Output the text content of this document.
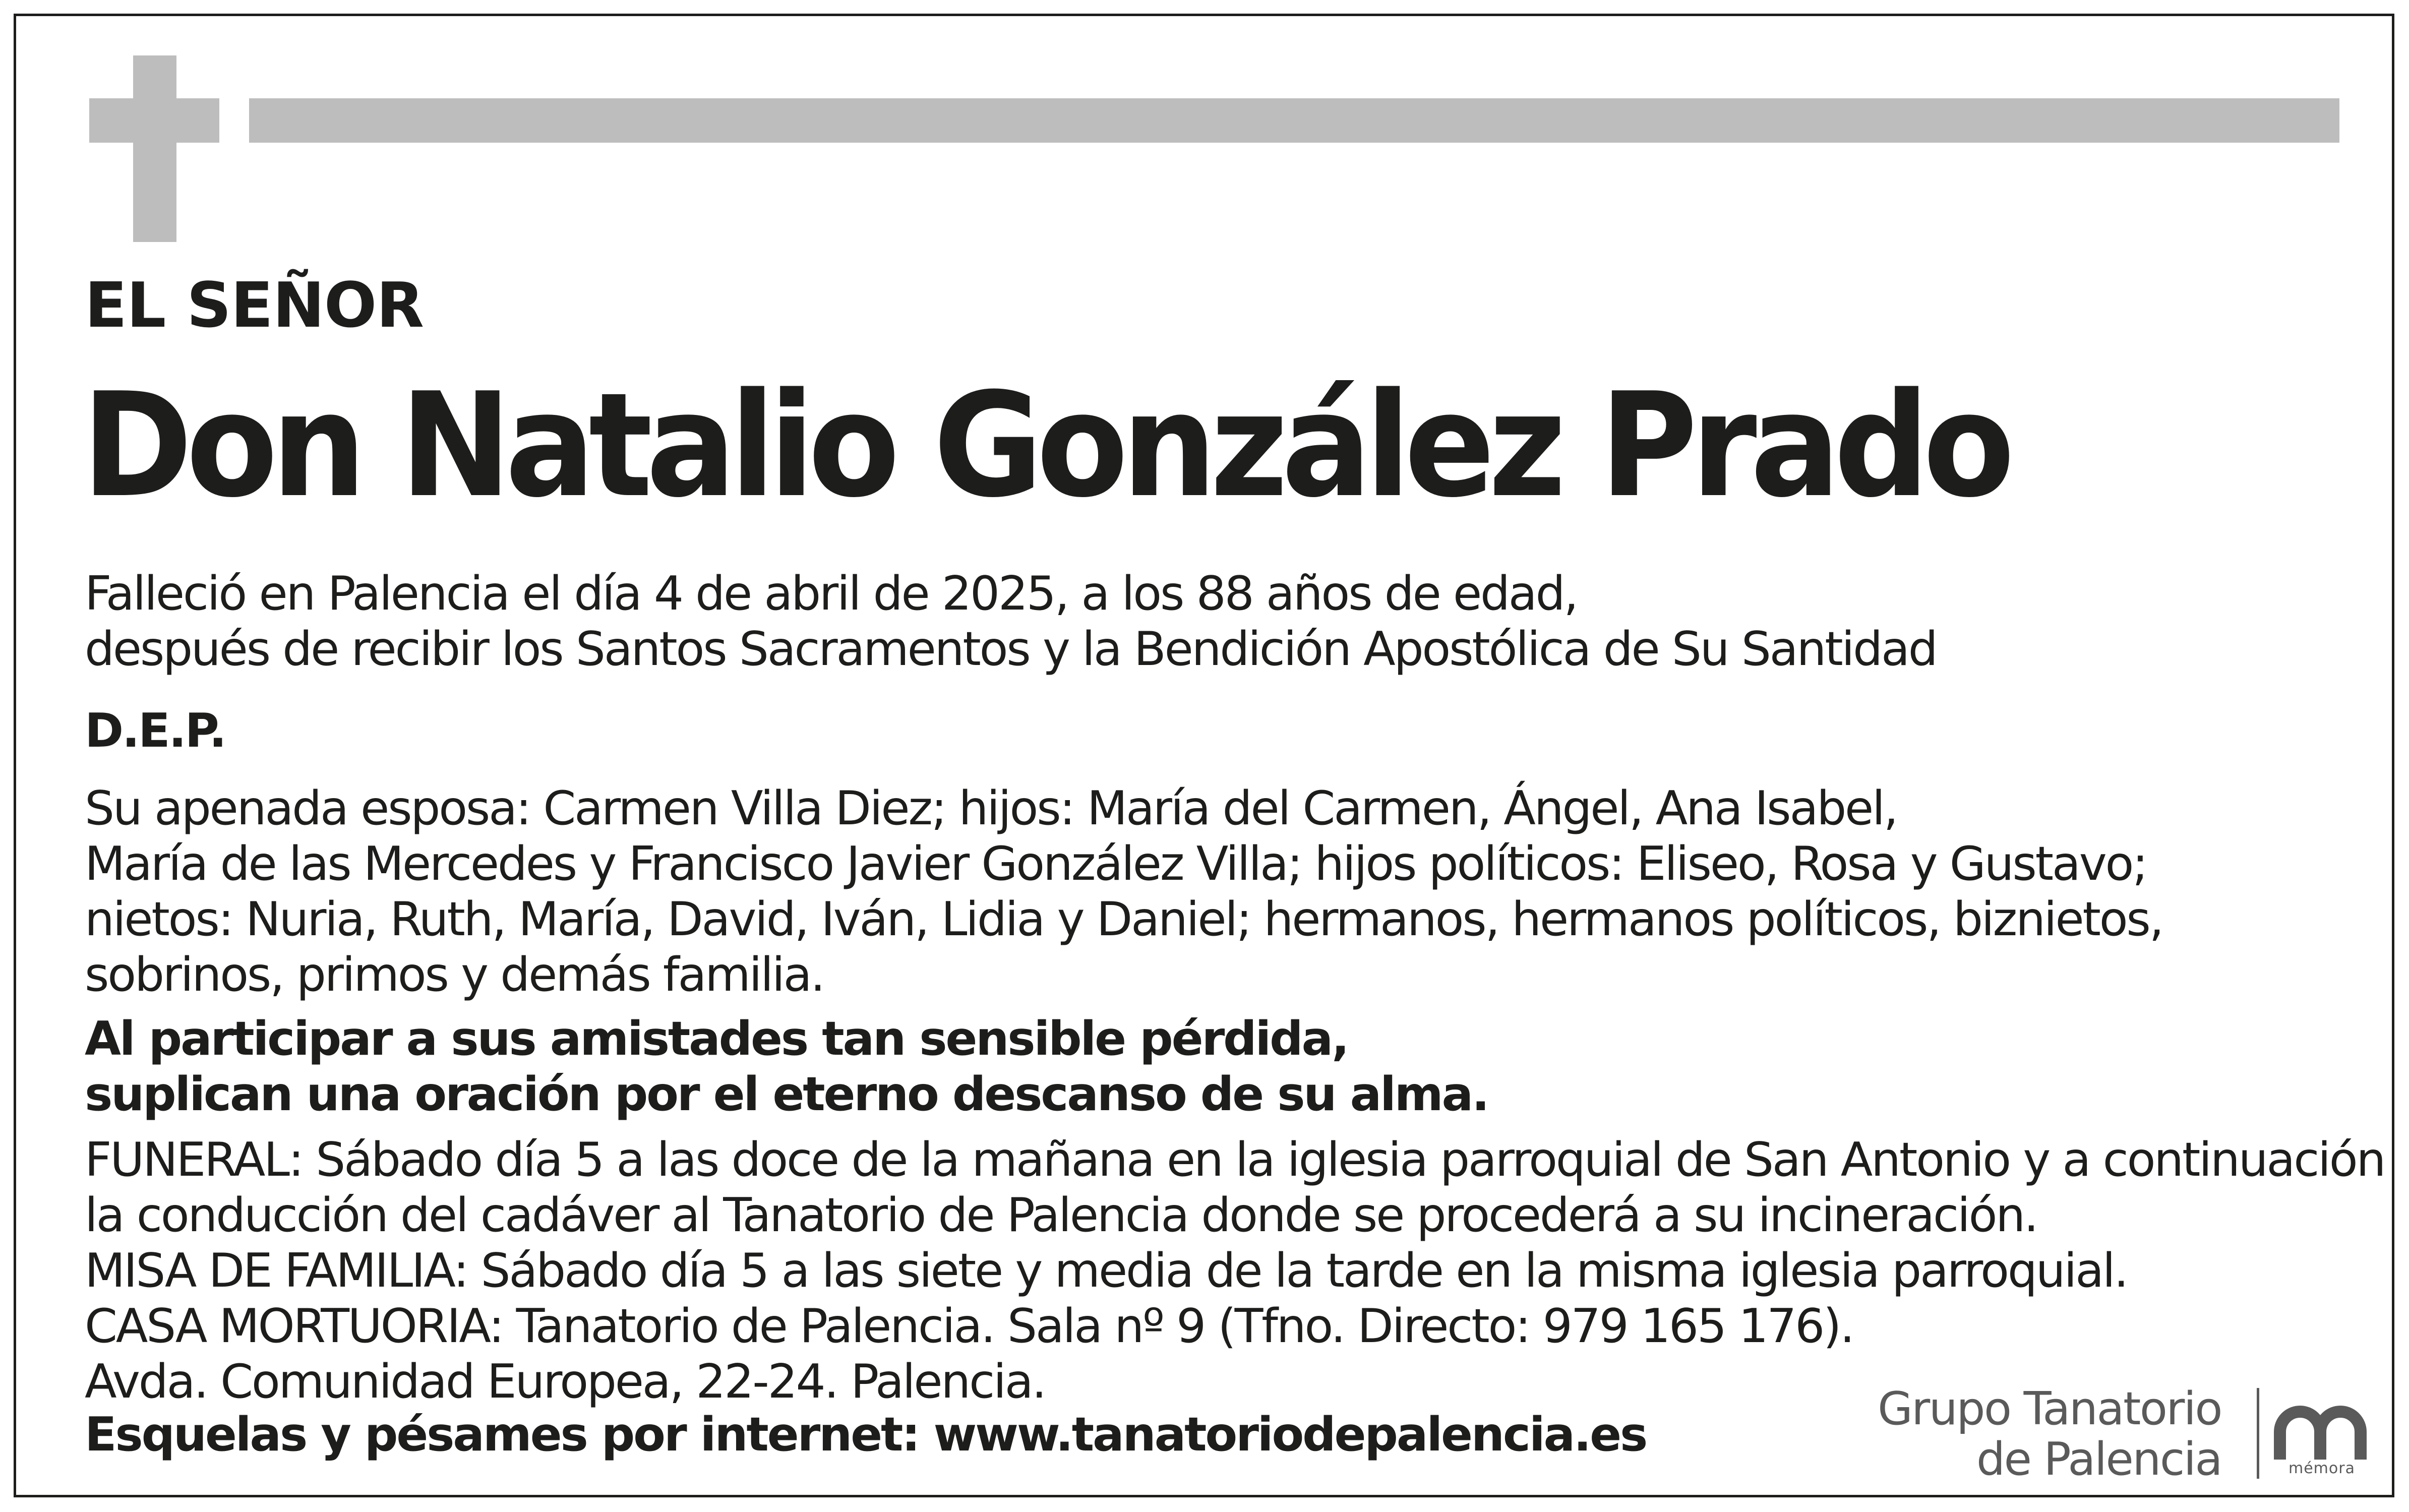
EL SEÑOR
Don Natalio González Prado
Falleció en Palencia el día 4 de abril de 2025, a los 88 años de edad,
después de recibir los Santos Sacramentos y la Bendición Apostólica de Su Santidad
D.E.P.
Su apenada esposa: Carmen Villa Diez; hijos: María del Carmen, Ángel, Ana Isabel,
María de las Mercedes y Francisco Javier González Villa; hijos políticos: Eliseo, Rosa y Gustavo;
nietos: Nuria, Ruth, María, David, Iván, Lidia y Daniel; hermanos, hermanos políticos, biznietos,
sobrinos, primos y demás familia.
Al participar a sus amistades tan sensible pérdida,
suplican una oración por el eterno descanso de su alma.
FUNERAL: Sábado día 5 a las doce de la mañana en la iglesia parroquial de San Antonio y a continuación
la conducción del cadáver al Tanatorio de Palencia donde se procederá a su incineración.
MISA DE FAMILIA: Sábado día 5 a las siete y media de la tarde en la misma iglesia parroquial.
CASA MORTUORIA: Tanatorio de Palencia. Sala nº 9 (Tfno. Directo: 979 165 176).
Avda. Comunidad Europea, 22-24. Palencia.
Esquelas y pésames por internet: www.tanatoriodepalencia.es	Grupo Tanatorio
de Palencia	mémora
